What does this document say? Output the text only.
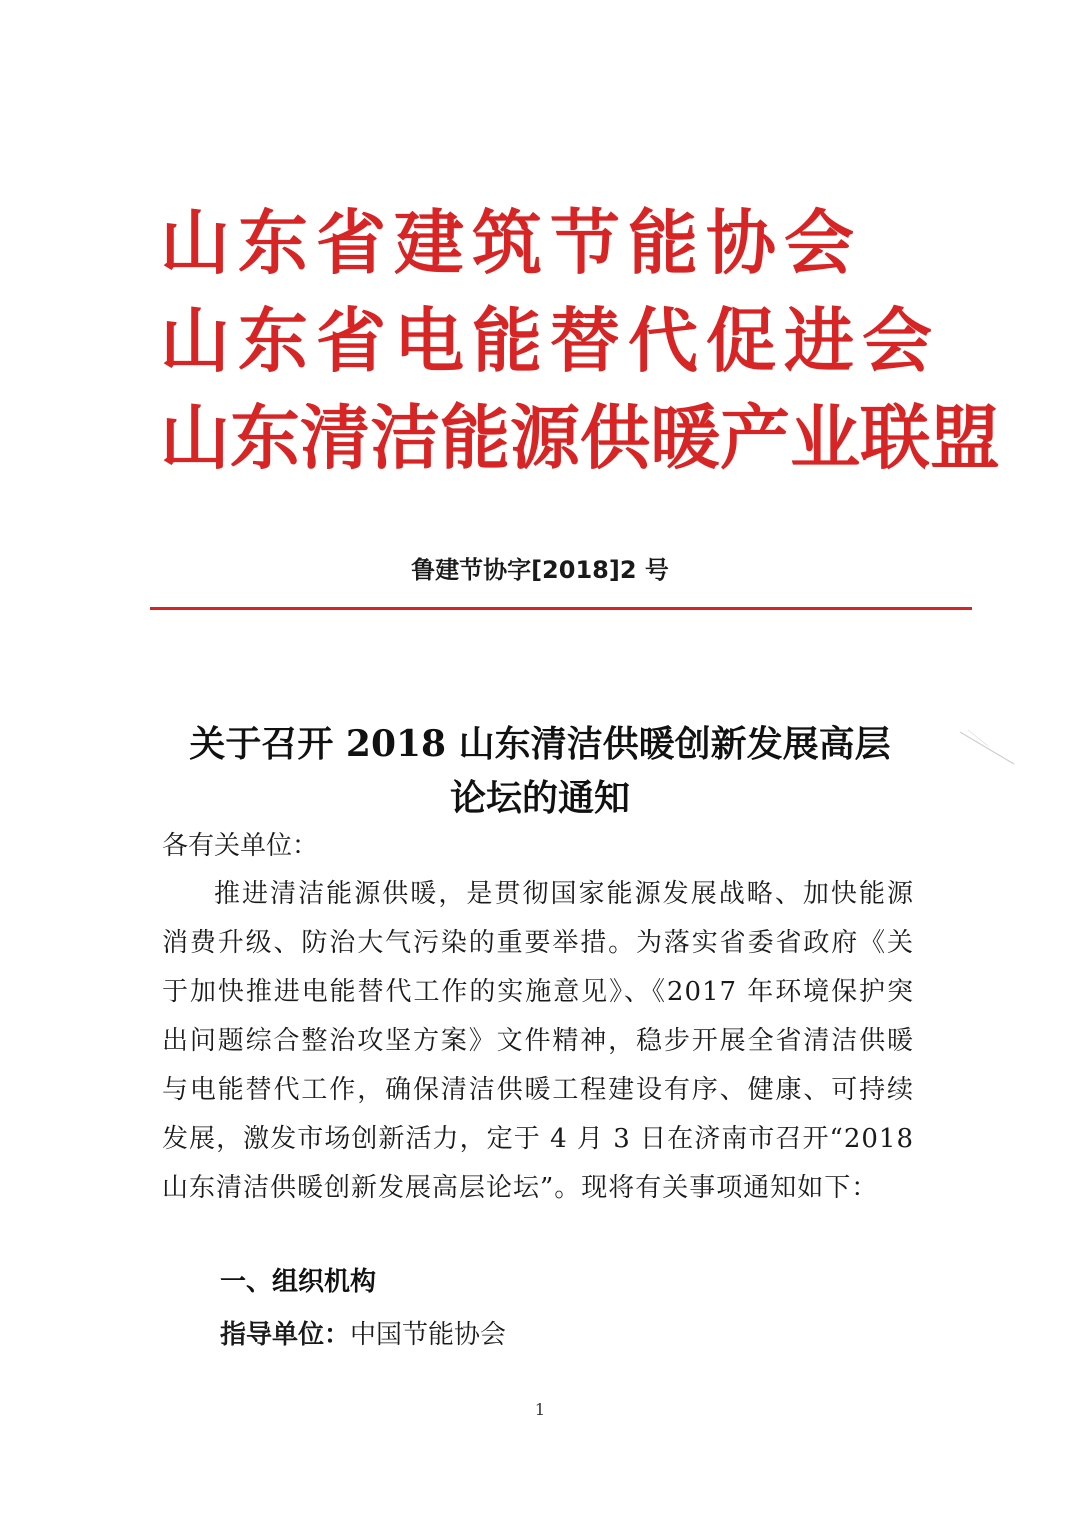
山东省建筑节能协会
山东省电能替代促进会
山东清洁能源供暖产业联盟
鲁建节协字[2018]2 号
关于召开 2018 山东清洁供暖创新发展高层
论坛的通知
各有关单位：
推进清洁能源供暖，是贯彻国家能源发展战略、加快能源消费升级、防治大气污染的重要举措。为落实省委省政府《关于加快推进电能替代工作的实施意见》、《2017 年环境保护突出问题综合整治攻坚方案》文件精神，稳步开展全省清洁供暖与电能替代工作，确保清洁供暖工程建设有序、健康、可持续发展，激发市场创新活力，定于 4 月 3 日在济南市召开“2018 山东清洁供暖创新发展高层论坛”。现将有关事项通知如下：
一、组织机构
指导单位：中国节能协会
1
